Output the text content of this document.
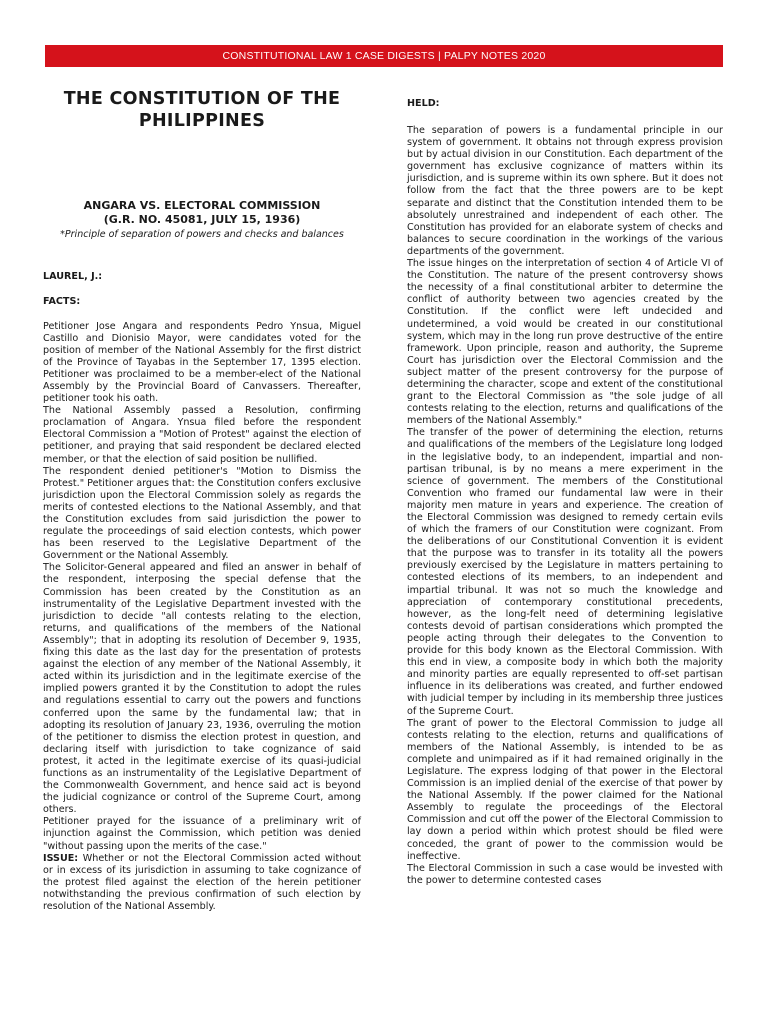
CONSTITUTIONAL LAW 1 CASE DIGESTS | PALPY NOTES 2020
THE CONSTITUTION OF THE PHILIPPINES
ANGARA VS. ELECTORAL COMMISSION
(G.R. NO. 45081, JULY 15, 1936)
*Principle of separation of powers and checks and balances
LAUREL, J.:
FACTS:

Petitioner Jose Angara and respondents Pedro Ynsua, Miguel Castillo and Dionisio Mayor, were candidates voted for the position of member of the National Assembly for the first district of the Province of Tayabas in the September 17, 1395 election. Petitioner was proclaimed to be a member-elect of the National Assembly by the Provincial Board of Canvassers. Thereafter, petitioner took his oath.

The National Assembly passed a Resolution, confirming proclamation of Angara. Ynsua filed before the respondent Electoral Commission a "Motion of Protest" against the election of petitioner, and praying that said respondent be declared elected member, or that the election of said position be nullified.

The respondent denied petitioner's "Motion to Dismiss the Protest." Petitioner argues that: the Constitution confers exclusive jurisdiction upon the Electoral Commission solely as regards the merits of contested elections to the National Assembly, and that the Constitution excludes from said jurisdiction the power to regulate the proceedings of said election contests, which power has been reserved to the Legislative Department of the Government or the National Assembly.

The Solicitor-General appeared and filed an answer in behalf of the respondent, interposing the special defense that the Commission has been created by the Constitution as an instrumentality of the Legislative Department invested with the jurisdiction to decide "all contests relating to the election, returns, and qualifications of the members of the National Assembly"; that in adopting its resolution of December 9, 1935, fixing this date as the last day for the presentation of protests against the election of any member of the National Assembly, it acted within its jurisdiction and in the legitimate exercise of the implied powers granted it by the Constitution to adopt the rules and regulations essential to carry out the powers and functions conferred upon the same by the fundamental law; that in adopting its resolution of January 23, 1936, overruling the motion of the petitioner to dismiss the election protest in question, and declaring itself with jurisdiction to take cognizance of said protest, it acted in the legitimate exercise of its quasi-judicial functions as an instrumentality of the Legislative Department of the Commonwealth Government, and hence said act is beyond the judicial cognizance or control of the Supreme Court, among others.

Petitioner prayed for the issuance of a preliminary writ of injunction against the Commission, which petition was denied "without passing upon the merits of the case."

ISSUE: Whether or not the Electoral Commission acted without or in excess of its jurisdiction in assuming to take cognizance of the protest filed against the election of the herein petitioner notwithstanding the previous confirmation of such election by resolution of the National Assembly.

HELD:

The separation of powers is a fundamental principle in our system of government. It obtains not through express provision but by actual division in our Constitution. Each department of the government has exclusive cognizance of matters within its jurisdiction, and is supreme within its own sphere. But it does not follow from the fact that the three powers are to be kept separate and distinct that the Constitution intended them to be absolutely unrestrained and independent of each other. The Constitution has provided for an elaborate system of checks and balances to secure coordination in the workings of the various departments of the government.

The issue hinges on the interpretation of section 4 of Article VI of the Constitution. The nature of the present controversy shows the necessity of a final constitutional arbiter to determine the conflict of authority between two agencies created by the Constitution. If the conflict were left undecided and undetermined, a void would be created in our constitutional system, which may in the long run prove destructive of the entire framework. Upon principle, reason and authority, the Supreme Court has jurisdiction over the Electoral Commission and the subject matter of the present controversy for the purpose of determining the character, scope and extent of the constitutional grant to the Electoral Commission as "the sole judge of all contests relating to the election, returns and qualifications of the members of the National Assembly."

The transfer of the power of determining the election, returns and qualifications of the members of the Legislature long lodged in the legislative body, to an independent, impartial and non-partisan tribunal, is by no means a mere experiment in the science of government. The members of the Constitutional Convention who framed our fundamental law were in their majority men mature in years and experience. The creation of the Electoral Commission was designed to remedy certain evils of which the framers of our Constitution were cognizant. From the deliberations of our Constitutional Convention it is evident that the purpose was to transfer in its totality all the powers previously exercised by the Legislature in matters pertaining to contested elections of its members, to an independent and impartial tribunal. It was not so much the knowledge and appreciation of contemporary constitutional precedents, however, as the long-felt need of determining legislative contests devoid of partisan considerations which prompted the people acting through their delegates to the Convention to provide for this body known as the Electoral Commission. With this end in view, a composite body in which both the majority and minority parties are equally represented to off-set partisan influence in its deliberations was created, and further endowed with judicial temper by including in its membership three justices of the Supreme Court.

The grant of power to the Electoral Commission to judge all contests relating to the election, returns and qualifications of members of the National Assembly, is intended to be as complete and unimpaired as if it had remained originally in the Legislature. The express lodging of that power in the Electoral Commission is an implied denial of the exercise of that power by the National Assembly. If the power claimed for the National Assembly to regulate the proceedings of the Electoral Commission and cut off the power of the Electoral Commission to lay down a period within which protest should be filed were conceded, the grant of power to the commission would be ineffective.

The Electoral Commission in such a case would be invested with the power to determine contested cases
